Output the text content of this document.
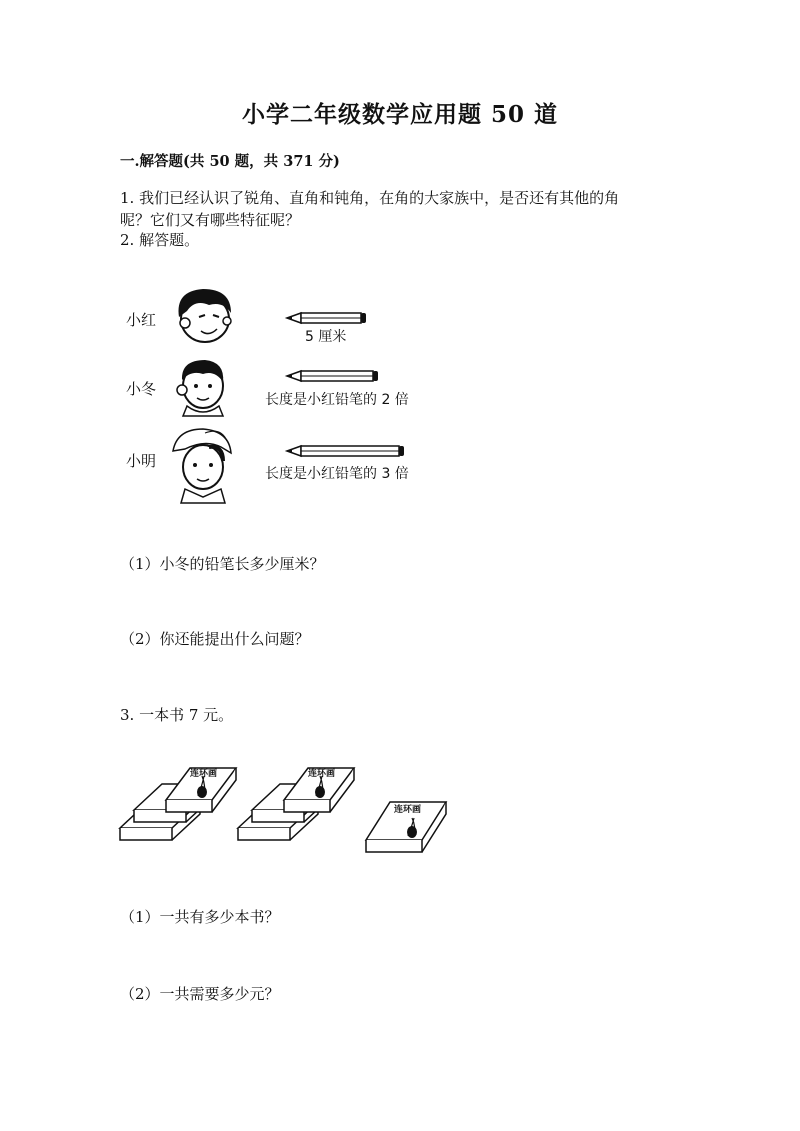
小学二年级数学应用题 50 道
一.解答题(共 50 题，共 371 分)
1. 我们已经认识了锐角、直角和钝角，在角的大家族中，是否还有其他的角
呢？它们又有哪些特征呢？
2. 解答题。
小红
小冬
小明
5 厘米
长度是小红铅笔的 2 倍
长度是小红铅笔的 3 倍
（1）小冬的铅笔长多少厘米？
（2）你还能提出什么问题？
3. 一本书 7 元。
连环画	连环画
连环画
（1）一共有多少本书？
（2）一共需要多少元？
